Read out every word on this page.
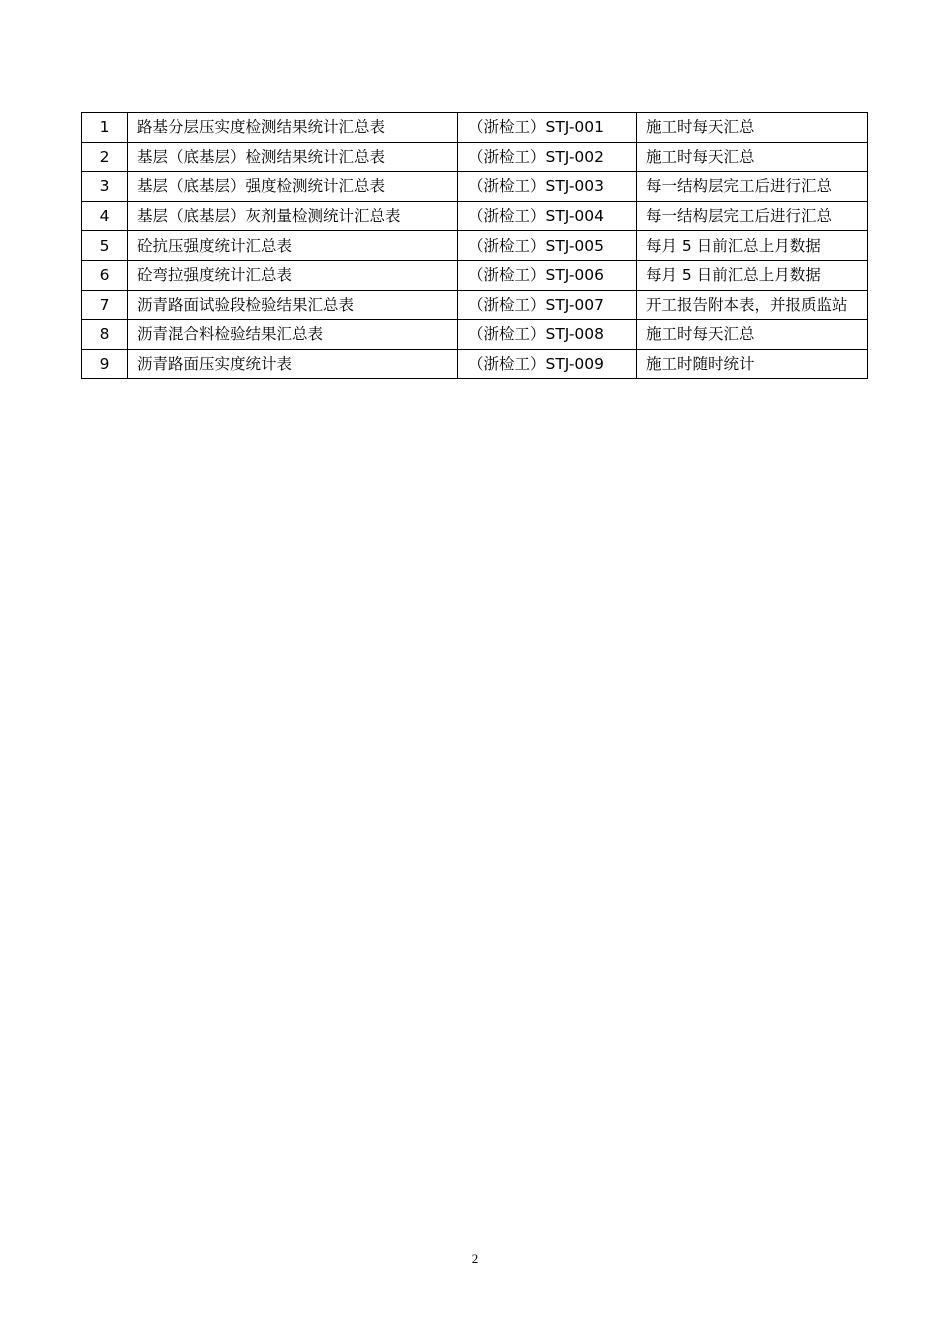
1	路基分层压实度检测结果统计汇总表	（浙检工）STJ-001	施工时每天汇总
2	基层（底基层）检测结果统计汇总表	（浙检工）STJ-002	施工时每天汇总
3	基层（底基层）强度检测统计汇总表	（浙检工）STJ-003	每一结构层完工后进行汇总
4	基层（底基层）灰剂量检测统计汇总表	（浙检工）STJ-004	每一结构层完工后进行汇总
5	砼抗压强度统计汇总表	（浙检工）STJ-005	每月 5 日前汇总上月数据
6	砼弯拉强度统计汇总表	（浙检工）STJ-006	每月 5 日前汇总上月数据
7	沥青路面试验段检验结果汇总表	（浙检工）STJ-007	开工报告附本表，并报质监站
8	沥青混合料检验结果汇总表	（浙检工）STJ-008	施工时每天汇总
9	沥青路面压实度统计表	（浙检工）STJ-009	施工时随时统计
2
